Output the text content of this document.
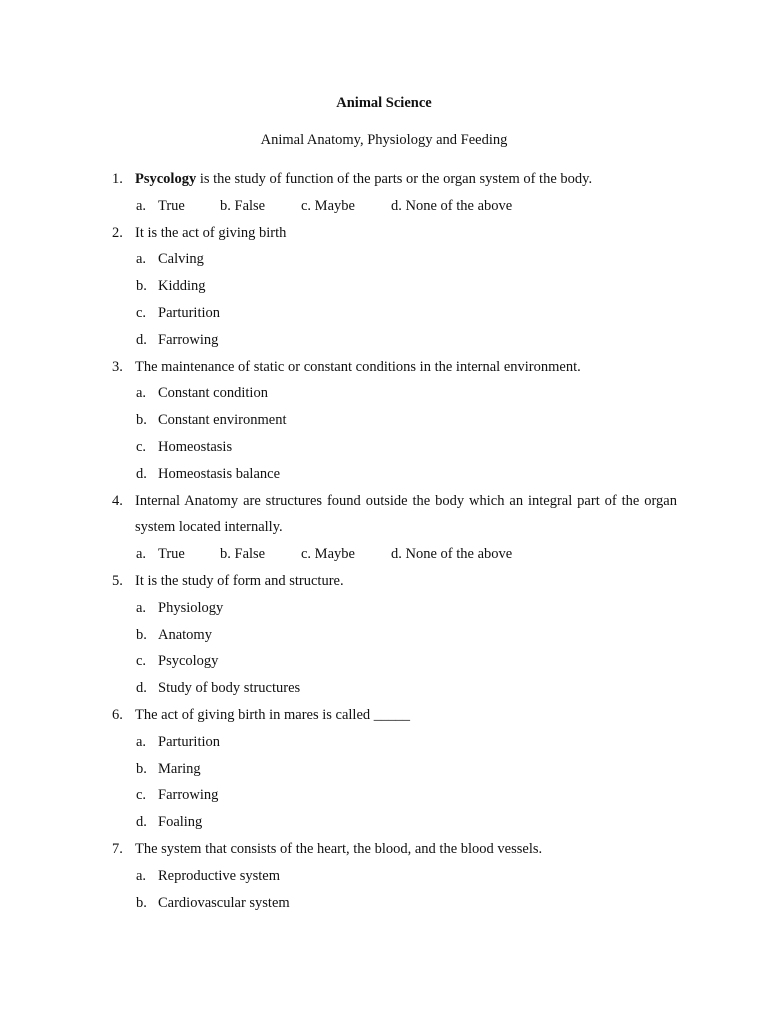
Animal Science
Animal Anatomy, Physiology and Feeding
1. Psycology is the study of function of the parts or the organ system of the body.
a. True b. False c. Maybe d. None of the above
2. It is the act of giving birth
a. Calving
b. Kidding
c. Parturition
d. Farrowing
3. The maintenance of static or constant conditions in the internal environment.
a. Constant condition
b. Constant environment
c. Homeostasis
d. Homeostasis balance
4. Internal Anatomy are structures found outside the body which an integral part of the organ system located internally.
a. True b. False c. Maybe d. None of the above
5. It is the study of form and structure.
a. Physiology
b. Anatomy
c. Psycology
d. Study of body structures
6. The act of giving birth in mares is called _____
a. Parturition
b. Maring
c. Farrowing
d. Foaling
7. The system that consists of the heart, the blood, and the blood vessels.
a. Reproductive system
b. Cardiovascular system
